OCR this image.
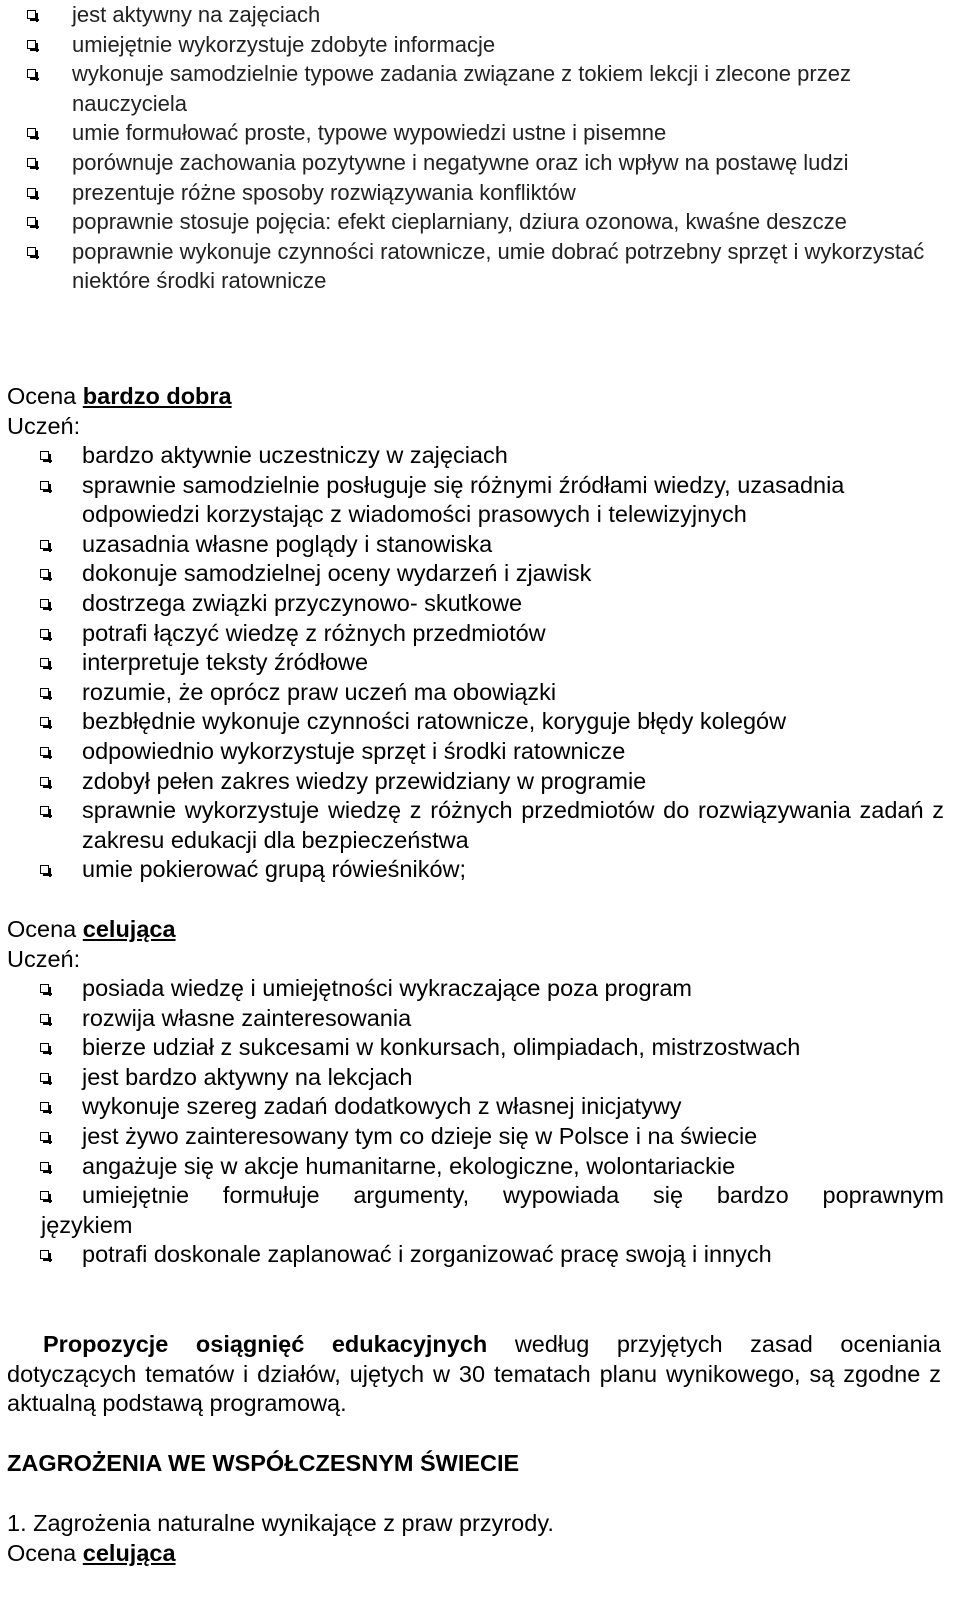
jest aktywny na zajęciach
umiejętnie wykorzystuje zdobyte informacje
wykonuje samodzielnie typowe zadania związane z tokiem lekcji i zlecone przez nauczyciela
umie formułować proste, typowe wypowiedzi ustne i pisemne
porównuje zachowania pozytywne i negatywne oraz ich wpływ na postawę ludzi
prezentuje różne sposoby rozwiązywania konfliktów
poprawnie stosuje pojęcia: efekt cieplarniany, dziura ozonowa, kwaśne deszcze
poprawnie wykonuje czynności ratownicze, umie dobrać potrzebny sprzęt i wykorzystać niektóre środki ratownicze
Ocena bardzo dobra
Uczeń:
bardzo aktywnie uczestniczy w zajęciach
sprawnie samodzielnie posługuje się różnymi źródłami wiedzy, uzasadnia odpowiedzi korzystając z wiadomości prasowych i telewizyjnych
uzasadnia własne poglądy i stanowiska
dokonuje samodzielnej oceny wydarzeń i zjawisk
dostrzega związki przyczynowo- skutkowe
potrafi łączyć wiedzę z różnych przedmiotów
interpretuje teksty źródłowe
rozumie, że oprócz praw uczeń ma obowiązki
bezbłędnie wykonuje czynności ratownicze, koryguje błędy kolegów
odpowiednio wykorzystuje sprzęt i środki ratownicze
zdobył pełen zakres wiedzy przewidziany w programie
sprawnie wykorzystuje wiedzę z różnych przedmiotów do rozwiązywania zadań z zakresu edukacji dla bezpieczeństwa
umie pokierować grupą rówieśników;
Ocena celująca
Uczeń:
posiada wiedzę i umiejętności wykraczające poza program
rozwija własne zainteresowania
bierze udział z sukcesami w konkursach, olimpiadach, mistrzostwach
jest bardzo aktywny na lekcjach
wykonuje szereg zadań dodatkowych z własnej inicjatywy
jest żywo zainteresowany tym co dzieje się w Polsce i na świecie
angażuje się w akcje humanitarne, ekologiczne, wolontariackie
umiejętnie formułuje argumenty, wypowiada się bardzo poprawnym
językiem
potrafi doskonale zaplanować i zorganizować pracę swoją i innych
Propozycje osiągnięć edukacyjnych według przyjętych zasad oceniania dotyczących tematów i działów, ujętych w 30 tematach planu wynikowego, są zgodne z aktualną podstawą programową.
ZAGROŻENIA WE WSPÓŁCZESNYM ŚWIECIE
1. Zagrożenia naturalne wynikające z praw przyrody.
Ocena celująca
